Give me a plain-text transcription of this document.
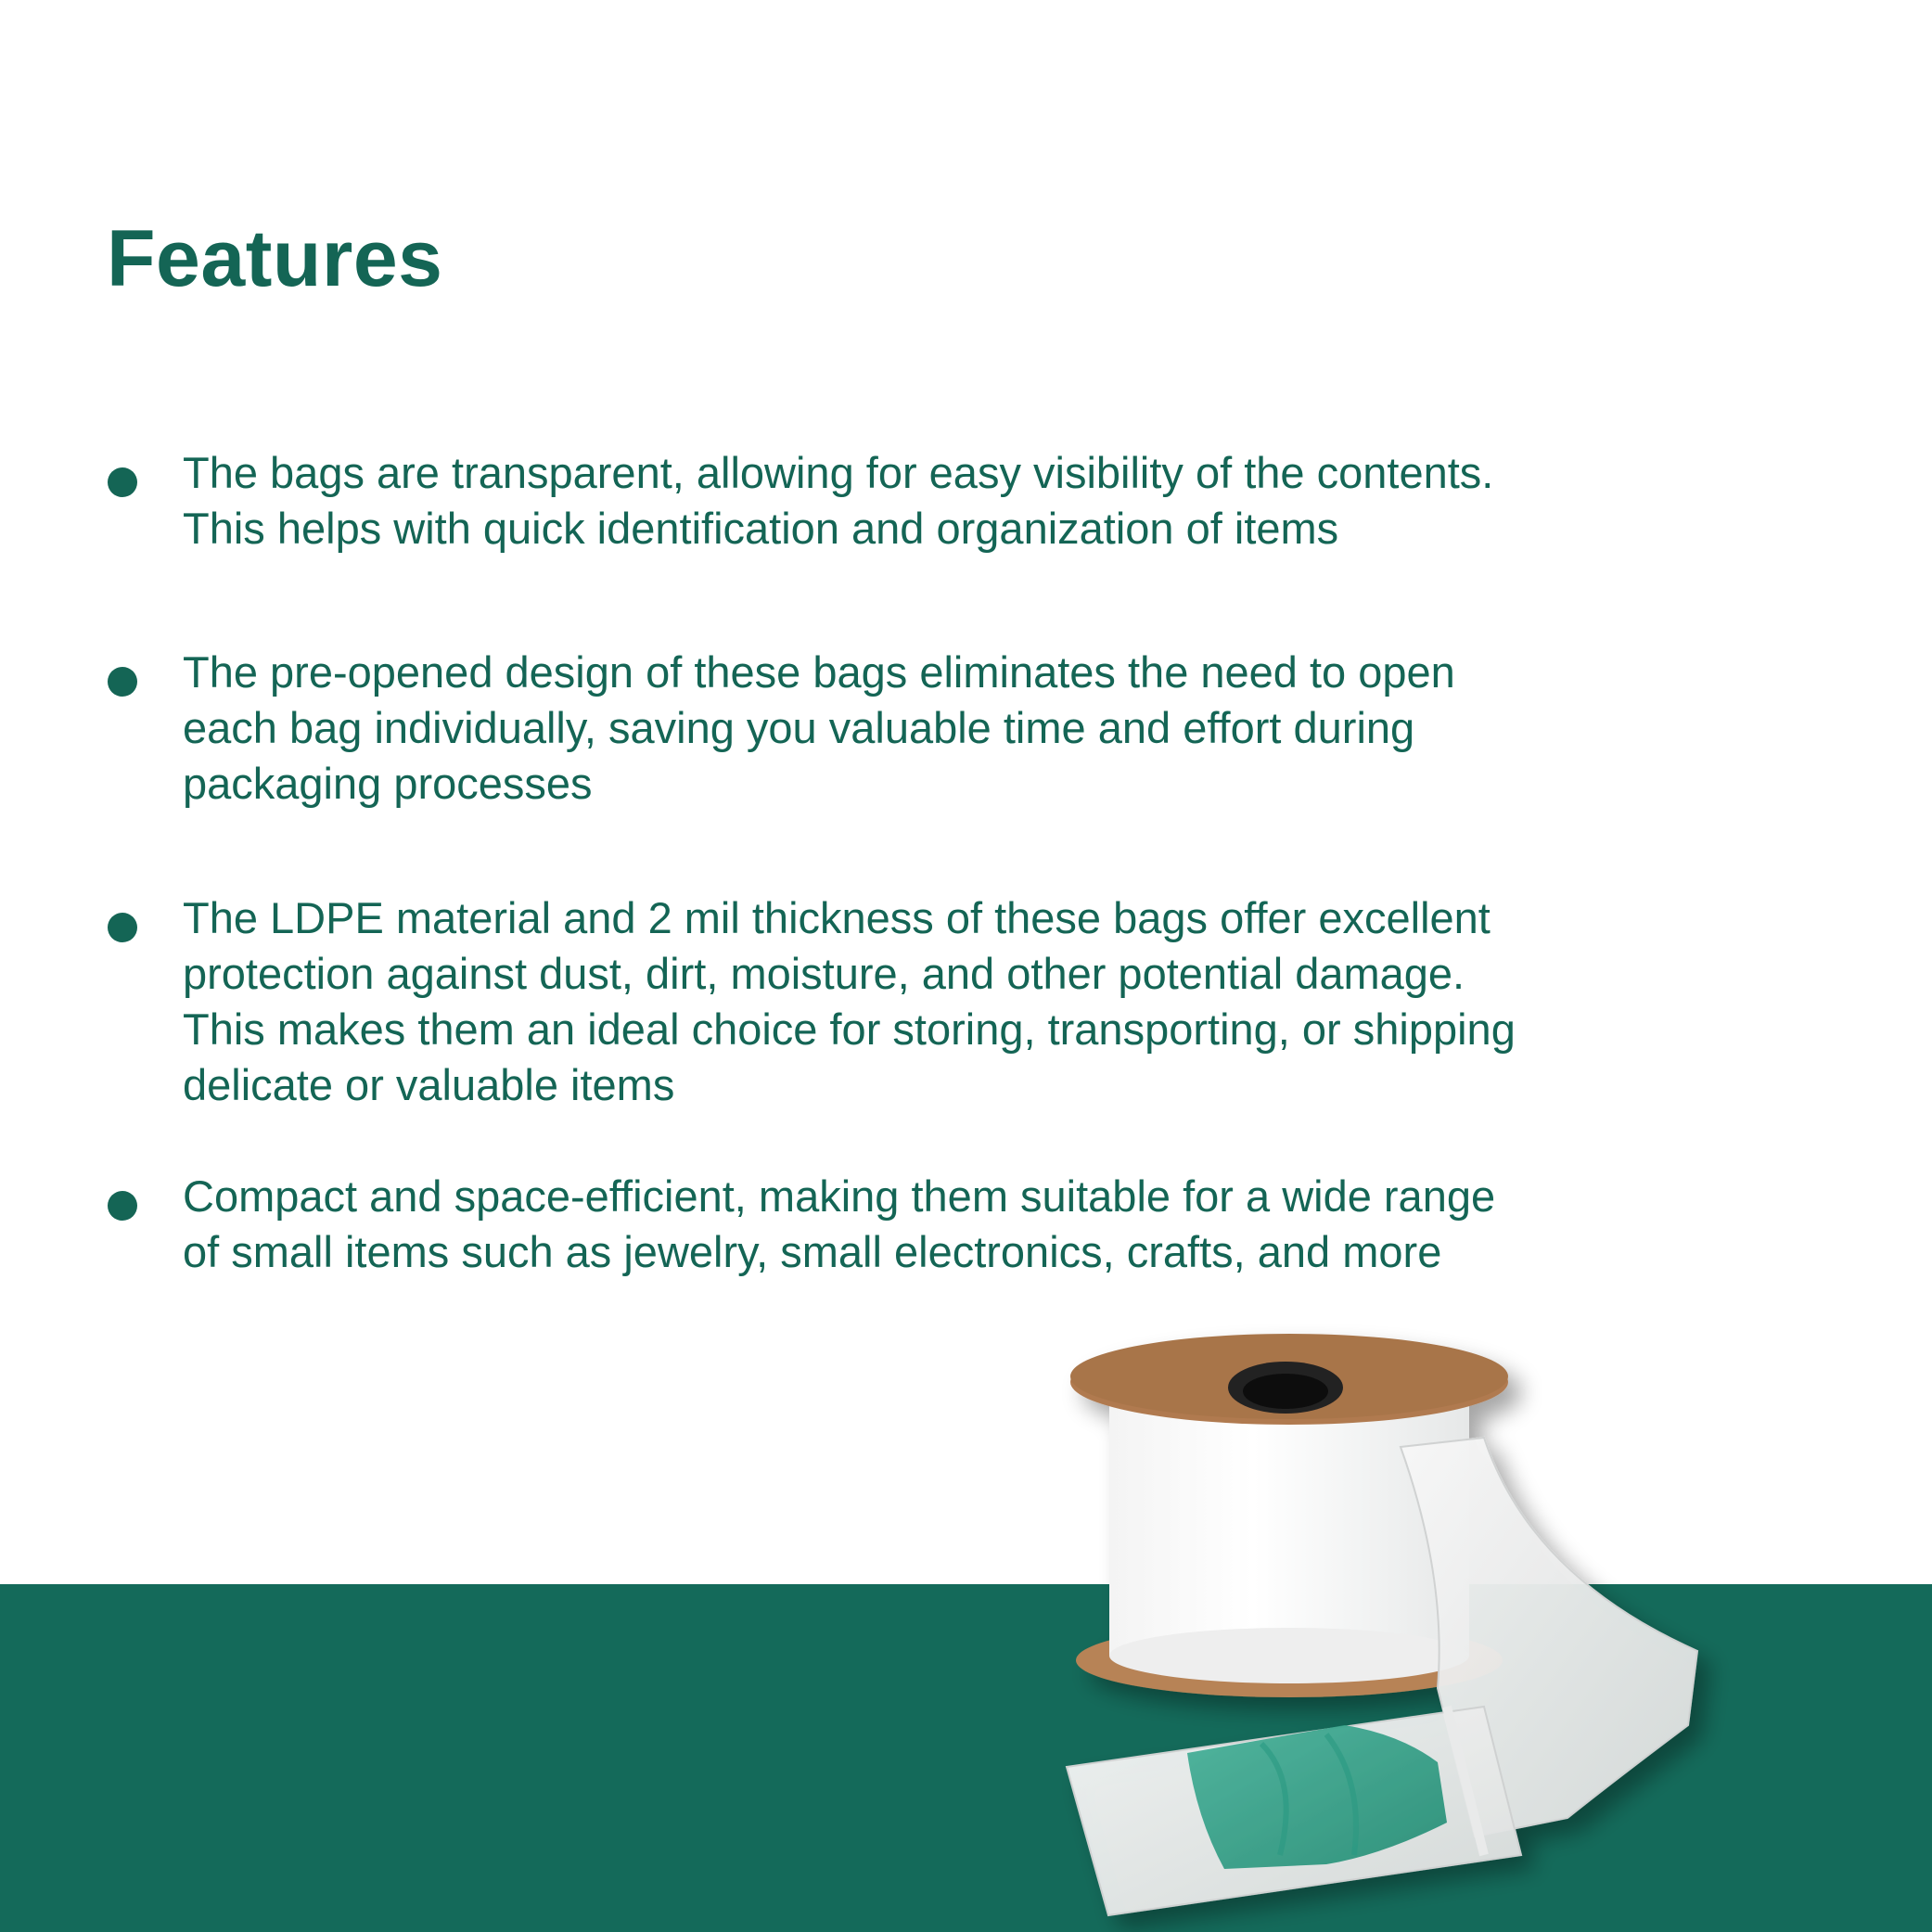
Features
The bags are transparent, allowing for easy visibility of the contents.
This helps with quick identification and organization of items
The pre-opened design of these bags eliminates the need to open
each bag individually, saving you valuable time and effort during
packaging processes
The LDPE material and 2 mil thickness of these bags offer excellent
protection against dust, dirt, moisture, and other potential damage.
This makes them an ideal choice for storing, transporting, or shipping
delicate or valuable items
Compact and space-efficient, making them suitable for a wide range
of small items such as jewelry, small electronics, crafts, and more
